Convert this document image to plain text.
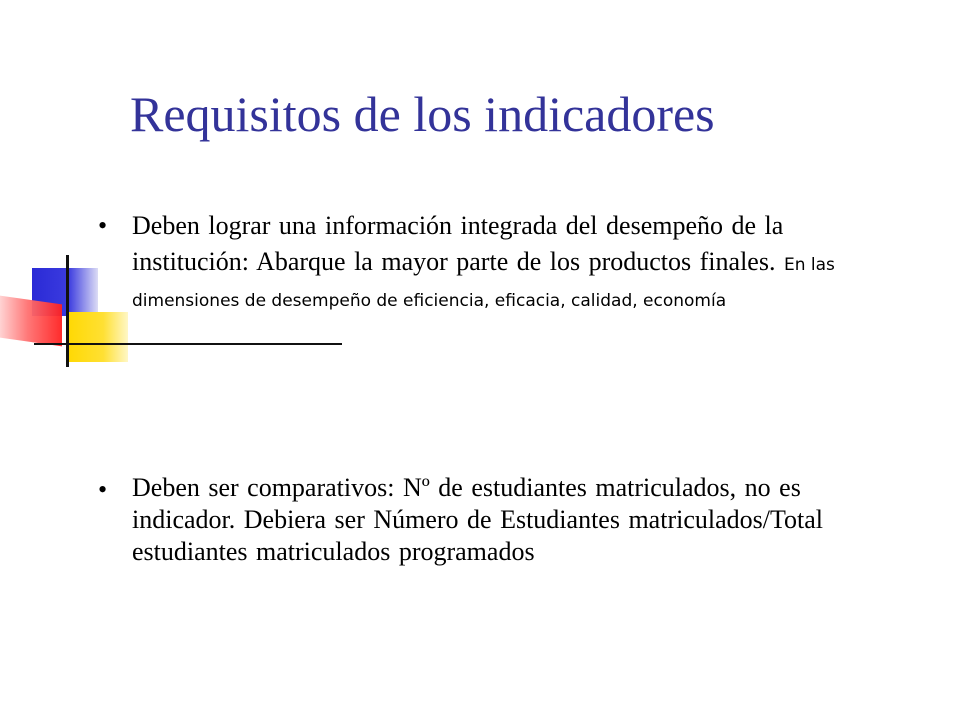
Requisitos de los indicadores
• Deben lograr una información integrada del desempeño de la institución: Abarque la mayor parte de los productos finales. En las dimensiones de desempeño de eficiencia, eficacia, calidad, economía
• Deben ser comparativos: Nº de estudiantes matriculados, no es indicador. Debiera ser Número de Estudiantes matriculados/Total estudiantes matriculados programados
